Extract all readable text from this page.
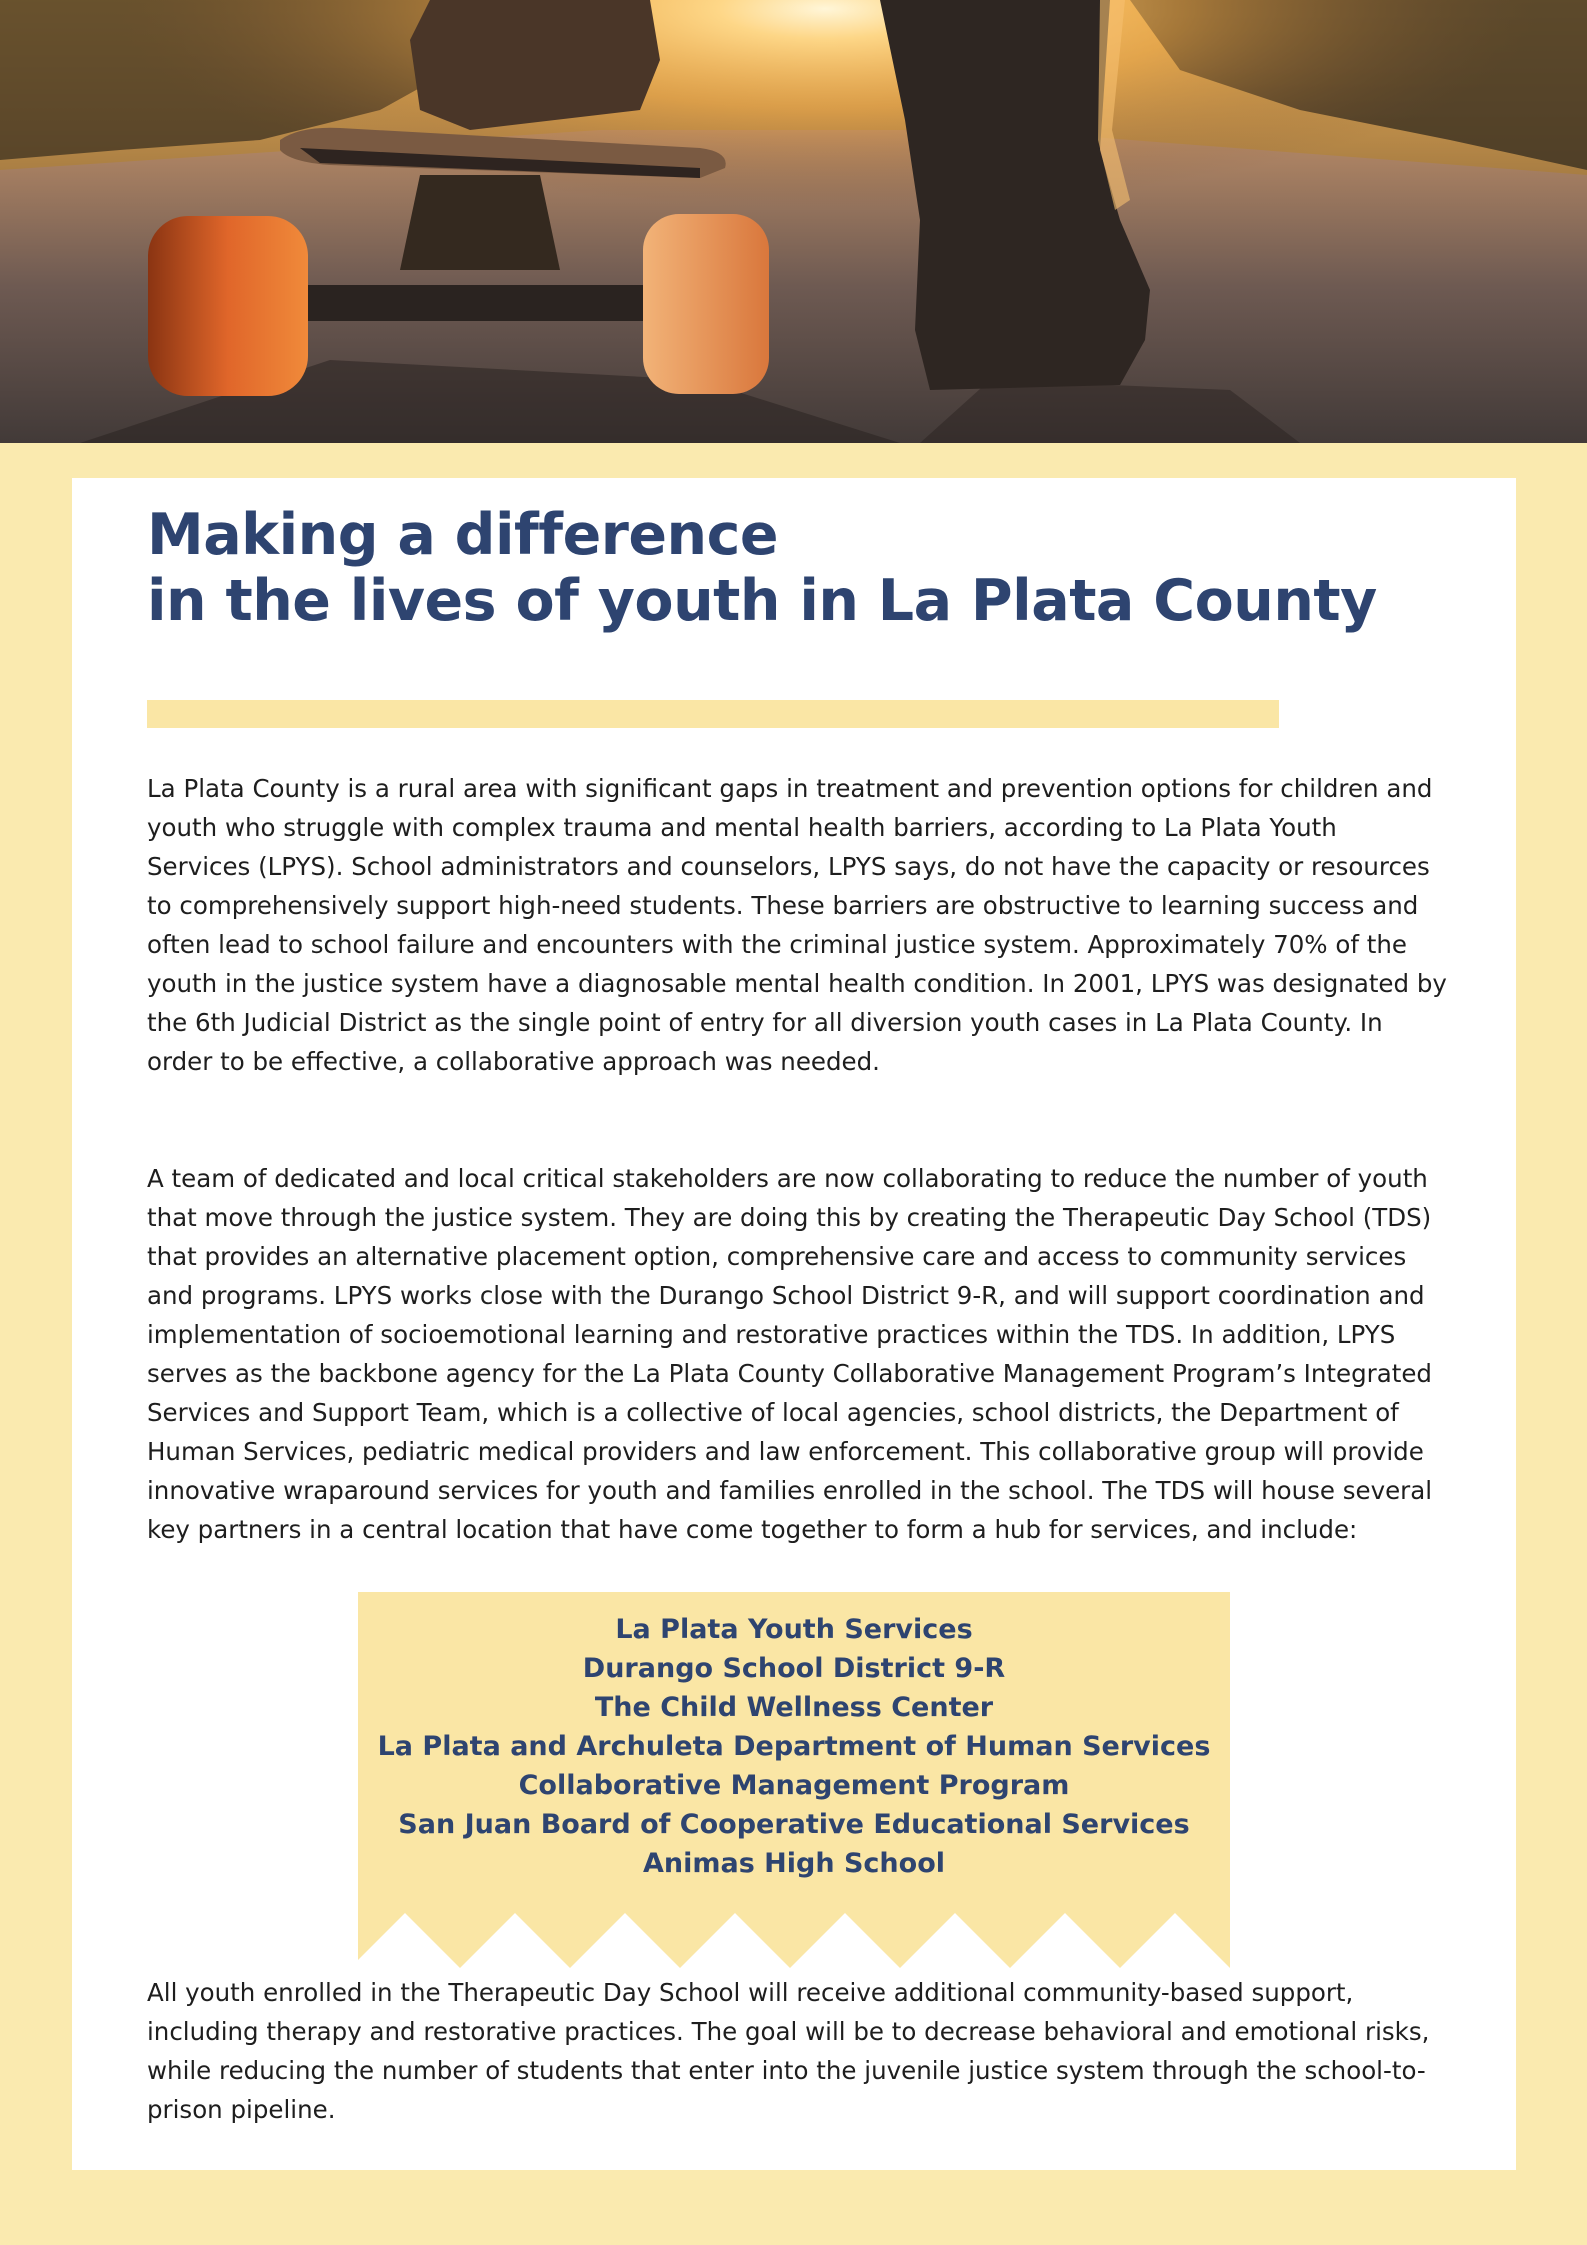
Making a difference
in the lives of youth in La Plata County

La Plata County is a rural area with significant gaps in treatment and prevention options for children and youth who struggle with complex trauma and mental health barriers, according to La Plata Youth Services (LPYS). School administrators and counselors, LPYS says, do not have the capacity or resources to comprehensively support high-need students. These barriers are obstructive to learning success and often lead to school failure and encounters with the criminal justice system. Approximately 70% of the youth in the justice system have a diagnosable mental health condition. In 2001, LPYS was designated by the 6th Judicial District as the single point of entry for all diversion youth cases in La Plata County. In order to be effective, a collaborative approach was needed.

A team of dedicated and local critical stakeholders are now collaborating to reduce the number of youth that move through the justice system. They are doing this by creating the Therapeutic Day School (TDS) that provides an alternative placement option, comprehensive care and access to community services and programs. LPYS works close with the Durango School District 9-R, and will support coordination and implementation of socioemotional learning and restorative practices within the TDS. In addition, LPYS serves as the backbone agency for the La Plata County Collaborative Management Program’s Integrated Services and Support Team, which is a collective of local agencies, school districts, the Department of Human Services, pediatric medical providers and law enforcement. This collaborative group will provide innovative wraparound services for youth and families enrolled in the school. The TDS will house several key partners in a central location that have come together to form a hub for services, and include:

La Plata Youth Services
Durango School District 9-R
The Child Wellness Center
La Plata and Archuleta Department of Human Services
Collaborative Management Program
San Juan Board of Cooperative Educational Services
Animas High School

All youth enrolled in the Therapeutic Day School will receive additional community-based support, including therapy and restorative practices. The goal will be to decrease behavioral and emotional risks, while reducing the number of students that enter into the juvenile justice system through the school-to-prison pipeline.
